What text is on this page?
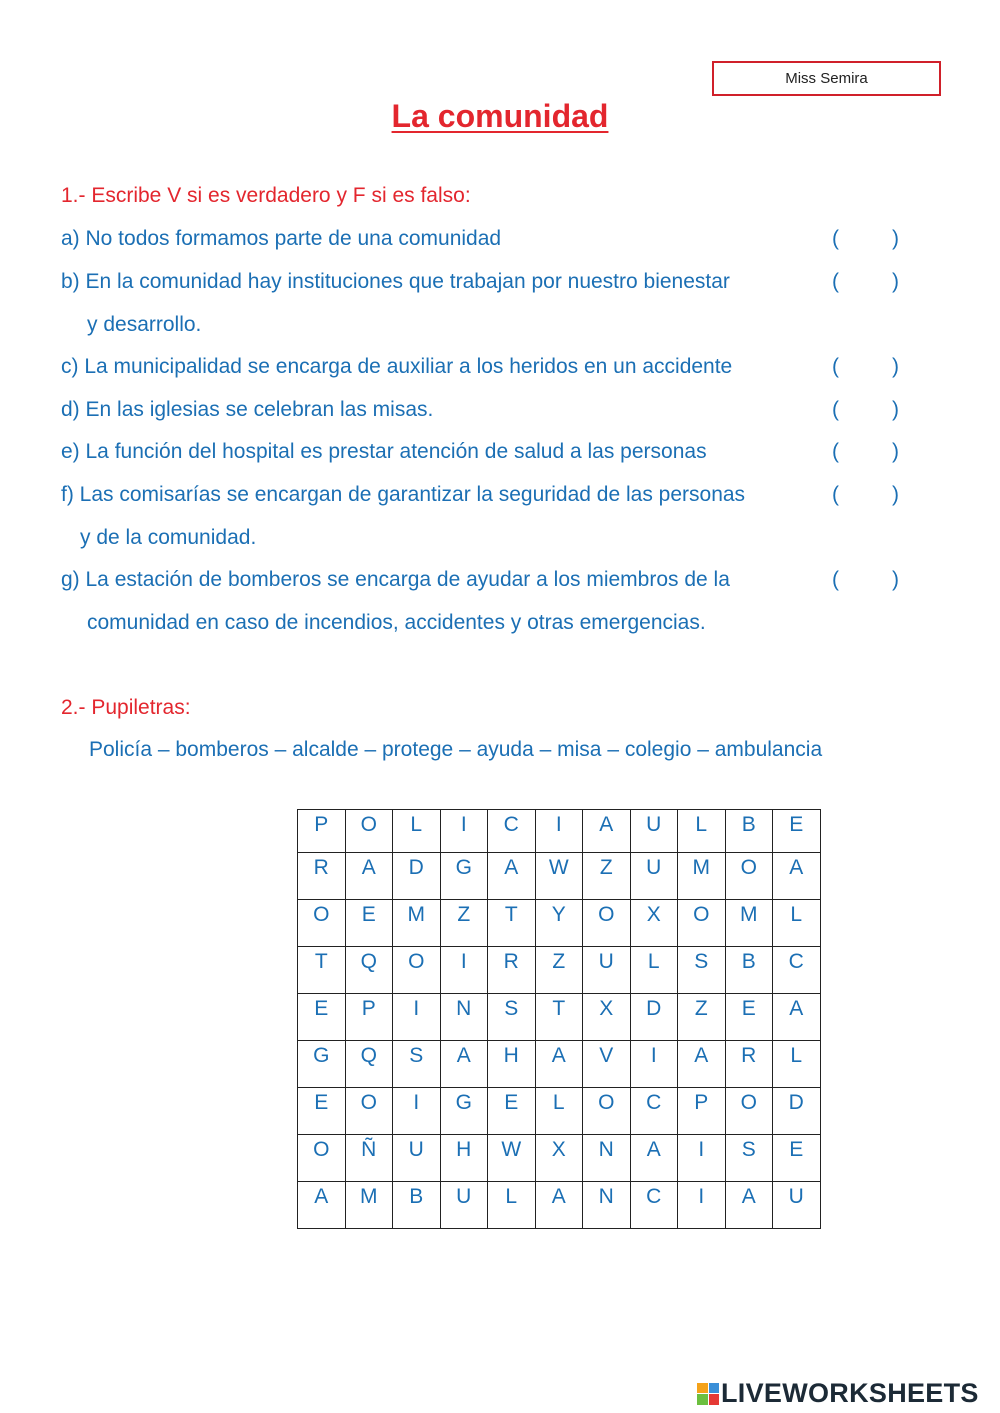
Miss Semira
La comunidad
1.- Escribe V si es verdadero y F si es falso:
a) No todos formamos parte de una comunidad
b) En la comunidad hay instituciones que trabajan por nuestro bienestar
y desarrollo.
c) La municipalidad se encarga de auxiliar a los heridos en un accidente
d) En las iglesias se celebran las misas.
e) La función del hospital es prestar atención de salud a las personas
f) Las comisarías se encargan de garantizar la seguridad de las personas
y de la comunidad.
g) La estación de bomberos se encarga de ayudar a los miembros de la
comunidad en caso de incendios, accidentes y otras emergencias.
(	)
(	)
(	)
(	)
(	)
(	)
(	)
2.- Pupiletras:
Policía – bomberos – alcalde – protege – ayuda – misa – colegio – ambulancia
P	O	L	I	C	I	A	U	L	B	E
R	A	D	G	A	W	Z	U	M	O	A
O	E	M	Z	T	Y	O	X	O	M	L
T	Q	O	I	R	Z	U	L	S	B	C
E	P	I	N	S	T	X	D	Z	E	A
G	Q	S	A	H	A	V	I	A	R	L
E	O	I	G	E	L	O	C	P	O	D
O	Ñ	U	H	W	X	N	A	I	S	E
A	M	B	U	L	A	N	C	I	A	U
LIVEWORKSHEETS
